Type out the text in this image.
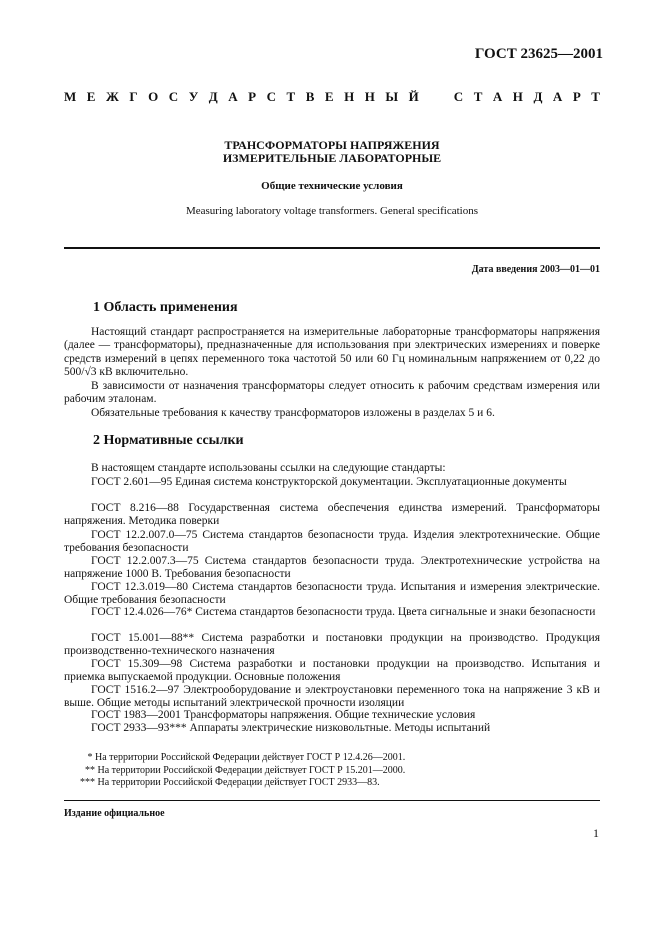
ГОСТ 23625—2001
М Е Ж Г О С У Д А Р С Т В Е Н Н Ы Й	С Т А Н Д А Р Т
ТРАНСФОРМАТОРЫ НАПРЯЖЕНИЯ
ИЗМЕРИТЕЛЬНЫЕ ЛАБОРАТОРНЫЕ
Общие технические условия
Measuring laboratory voltage transformers. General specifications
Дата введения 2003—01—01
1 Область применения

Настоящий стандарт распространяется на измерительные лабораторные трансформаторы напряжения (далее — трансформаторы), предназначенные для использования при электрических измерениях и поверке средств измерений в цепях переменного тока частотой 50 или 60 Гц номинальным напряжением от 0,22 до 500/√3 кВ включительно.

В зависимости от назначения трансформаторы следует относить к рабочим средствам измерения или рабочим эталонам.

Обязательные требования к качеству трансформаторов изложены в разделах 5 и 6.

2 Нормативные ссылки

В настоящем стандарте использованы ссылки на следующие стандарты:

ГОСТ 2.601—95 Единая система конструкторской документации. Эксплуатационные документы

ГОСТ 8.216—88 Государственная система обеспечения единства измерений. Трансформаторы напряжения. Методика поверки

ГОСТ 12.2.007.0—75 Система стандартов безопасности труда. Изделия электротехнические. Общие требования безопасности

ГОСТ 12.2.007.3—75 Система стандартов безопасности труда. Электротехнические устройства на напряжение 1000 В. Требования безопасности

ГОСТ 12.3.019—80 Система стандартов безопасности труда. Испытания и измерения электрические. Общие требования безопасности

ГОСТ 12.4.026—76* Система стандартов безопасности труда. Цвета сигнальные и знаки безопасности

ГОСТ 15.001—88** Система разработки и постановки продукции на производство. Продукция производственно-технического назначения

ГОСТ 15.309—98 Система разработки и постановки продукции на производство. Испытания и приемка выпускаемой продукции. Основные положения

ГОСТ 1516.2—97 Электрооборудование и электроустановки переменного тока на напряжение 3 кВ и выше. Общие методы испытаний электрической прочности изоляции

ГОСТ 1983—2001 Трансформаторы напряжения. Общие технические условия

ГОСТ 2933—93*** Аппараты электрические низковольтные. Методы испытаний

* На территории Российской Федерации действует ГОСТ Р 12.4.26—2001.
** На территории Российской Федерации действует ГОСТ Р 15.201—2000.
*** На территории Российской Федерации действует ГОСТ 2933—83.
Издание официальное
1
